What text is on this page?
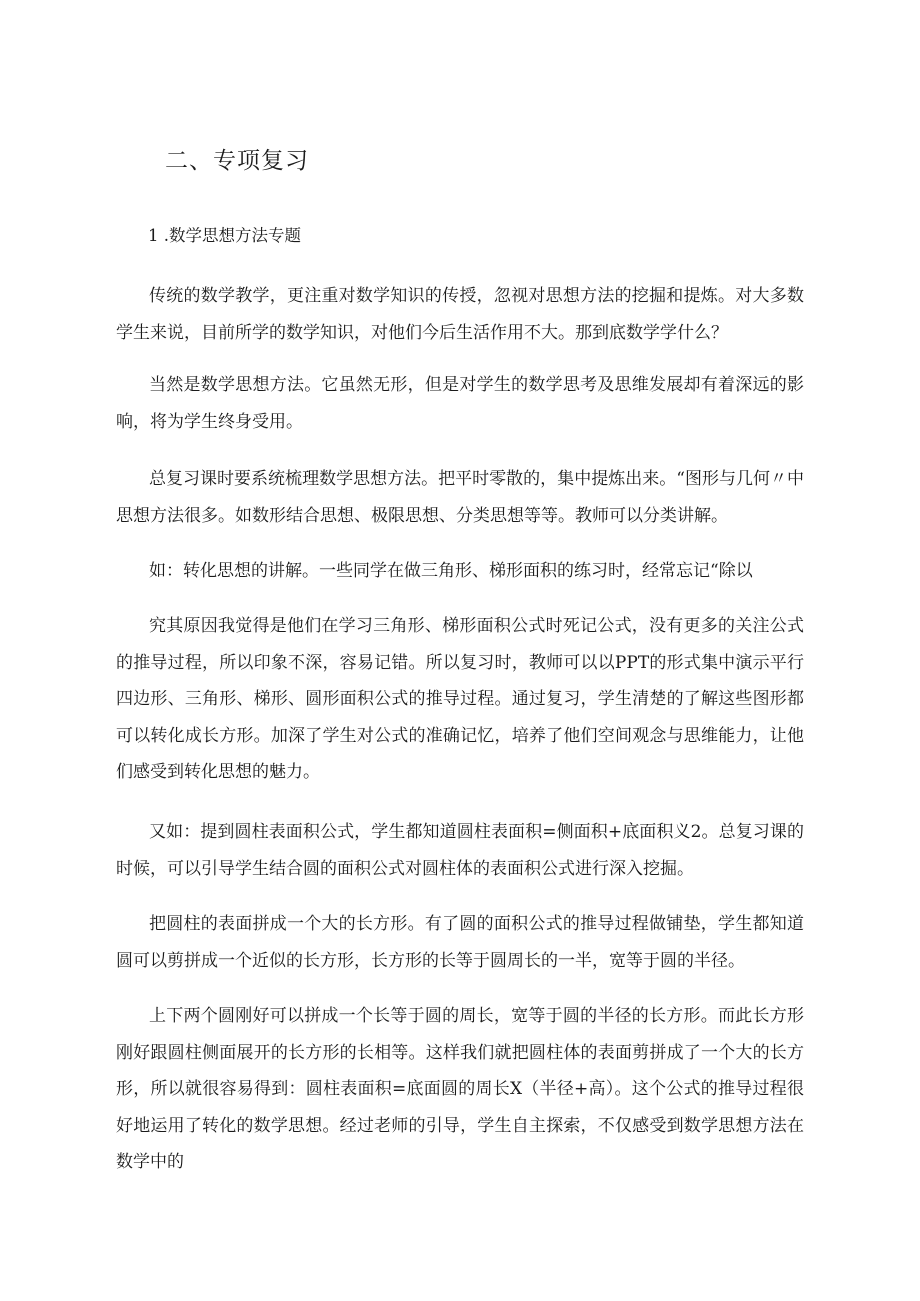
二、专项复习
1 .数学思想方法专题

传统的数学教学，更注重对数学知识的传授，忽视对思想方法的挖掘和提炼。对大多数学生来说，目前所学的数学知识，对他们今后生活作用不大。那到底数学学什么？

当然是数学思想方法。它虽然无形，但是对学生的数学思考及思维发展却有着深远的影响，将为学生终身受用。

总复习课时要系统梳理数学思想方法。把平时零散的，集中提炼出来。“图形与几何〃中思想方法很多。如数形结合思想、极限思想、分类思想等等。教师可以分类讲解。

如：转化思想的讲解。一些同学在做三角形、梯形面积的练习时，经常忘记“除以

究其原因我觉得是他们在学习三角形、梯形面积公式时死记公式，没有更多的关注公式的推导过程，所以印象不深，容易记错。所以复习时，教师可以以PPT的形式集中演示平行四边形、三角形、梯形、圆形面积公式的推导过程。通过复习，学生清楚的了解这些图形都可以转化成长方形。加深了学生对公式的准确记忆，培养了他们空间观念与思维能力，让他们感受到转化思想的魅力。

又如：提到圆柱表面积公式，学生都知道圆柱表面积=侧面积+底面积义2。总复习课的时候，可以引导学生结合圆的面积公式对圆柱体的表面积公式进行深入挖掘。

把圆柱的表面拼成一个大的长方形。有了圆的面积公式的推导过程做铺垫，学生都知道圆可以剪拼成一个近似的长方形，长方形的长等于圆周长的一半，宽等于圆的半径。

上下两个圆刚好可以拼成一个长等于圆的周长，宽等于圆的半径的长方形。而此长方形刚好跟圆柱侧面展开的长方形的长相等。这样我们就把圆柱体的表面剪拼成了一个大的长方形，所以就很容易得到：圆柱表面积=底面圆的周长X（半径+高）。这个公式的推导过程很好地运用了转化的数学思想。经过老师的引导，学生自主探索，不仅感受到数学思想方法在数学中的
